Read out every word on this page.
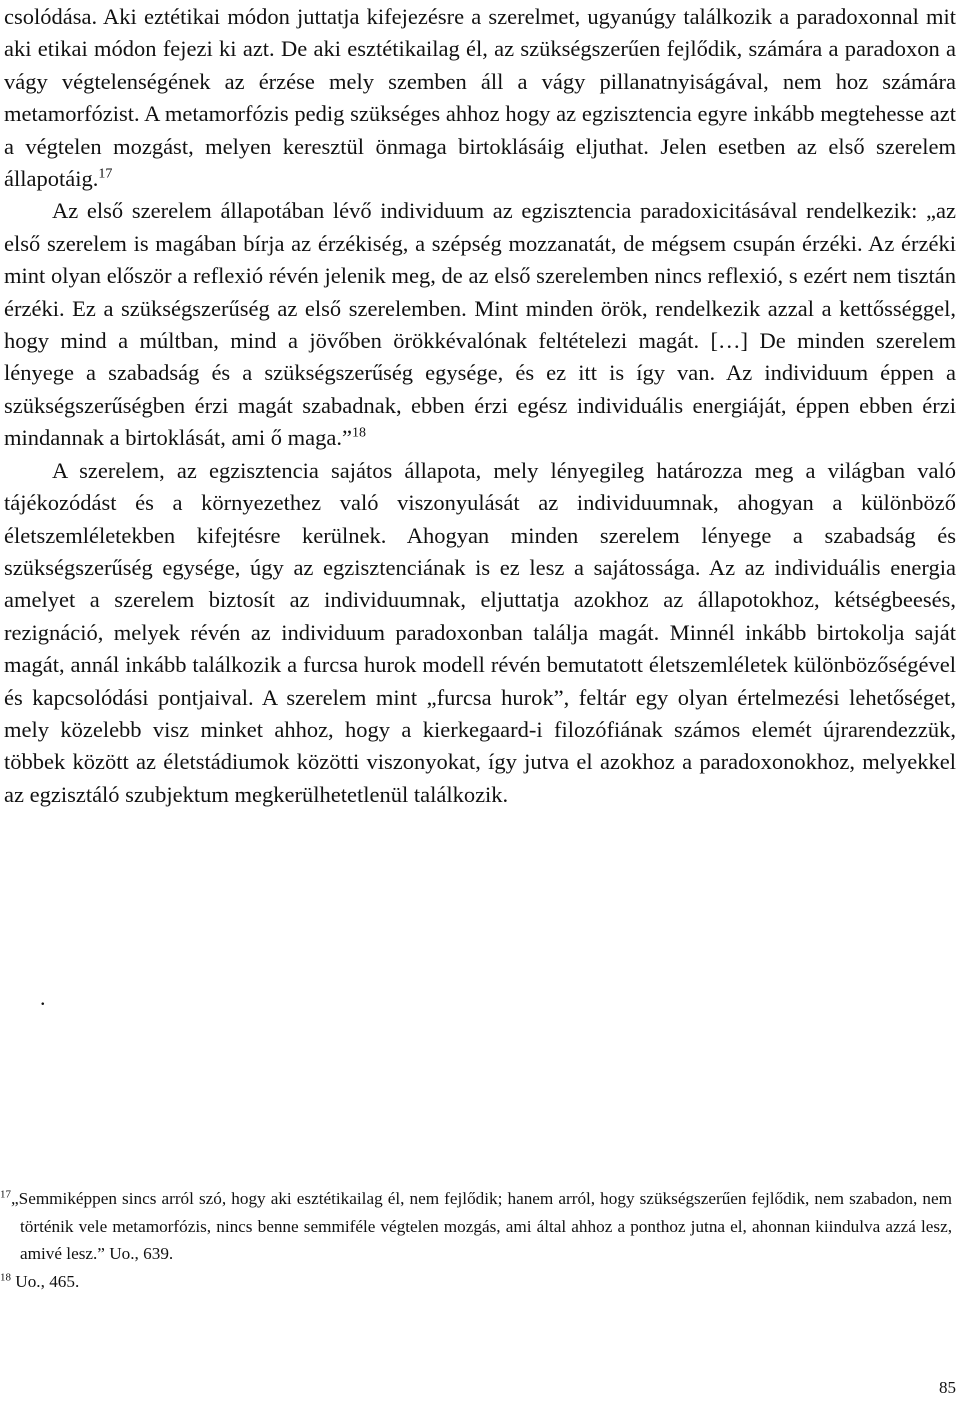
csolódása. Aki eztétikai módon juttatja kifejezésre a szerelmet, ugyanúgy találkozik a paradoxonnal mit aki etikai módon fejezi ki azt. De aki esztétikailag él, az szükségszerűen fejlődik, számára a paradoxon a vágy végtelenségének az érzése mely szemben áll a vágy pillanatnyiságával, nem hoz számára metamorfózist. A metamorfózis pedig szükséges ahhoz hogy az egzisztencia egyre inkább megtehesse azt a végtelen mozgást, melyen keresztül önmaga birtoklásáig eljuthat. Jelen esetben az első szerelem állapotáig.$^{17}$

Az első szerelem állapotában lévő individuum az egzisztencia paradoxicitásával rendelkezik: „az első szerelem is magában bírja az érzékiség, a szépség mozzanatát, de mégsem csupán érzéki. Az érzéki mint olyan először a reflexió révén jelenik meg, de az első szerelemben nincs reflexió, s ezért nem tisztán érzéki. Ez a szükségszerűség az első szerelemben. Mint minden örök, rendelkezik azzal a kettősséggel, hogy mind a múltban, mind a jövőben örökkévalónak feltételezi magát. […] De minden szerelem lényege a szabadság és a szükségszerűség egysége, és ez itt is így van. Az individuum éppen a szükségszerűségben érzi magát szabadnak, ebben érzi egész individuális energiáját, éppen ebben érzi mindannak a birtoklását, ami ő maga.”$^{18}$

A szerelem, az egzisztencia sajátos állapota, mely lényegileg határozza meg a világban való tájékozódást és a környezethez való viszonyulását az individuumnak, ahogyan a különböző életszemléletekben kifejtésre kerülnek. Ahogyan minden szerelem lényege a szabadság és szükségszerűség egysége, úgy az egzisztenciának is ez lesz a sajátossága. Az az individuális energia amelyet a szerelem biztosít az individuumnak, eljuttatja azokhoz az állapotokhoz, kétségbeesés, rezignáció, melyek révén az individuum paradoxonban találja magát. Minnél inkább birtokolja saját magát, annál inkább találkozik a furcsa hurok modell révén bemutatott életszemléletek különbözőségével és kapcsolódási pontjaival. A szerelem mint „furcsa hurok”, feltár egy olyan értelmezési lehetőséget, mely közelebb visz minket ahhoz, hogy a kierkegaard-i filozófiának számos elemét újrarendezzük, többek között az életstádiumok közötti viszonyokat, így jutva el azokhoz a paradoxonokhoz, melyekkel az egzisztáló szubjektum megkerülhetetlenül találkozik.

.

$^{17}$„Semmiképpen sincs arról szó, hogy aki esztétikailag él, nem fejlődik; hanem arról, hogy szükségszerűen fejlődik, nem szabadon, nem történik vele metamorfózis, nincs benne semmiféle végtelen mozgás, ami által ahhoz a ponthoz jutna el, ahonnan kiindulva azzá lesz, amivé lesz.” Uo., 639.

$^{18}$ Uo., 465.

85
